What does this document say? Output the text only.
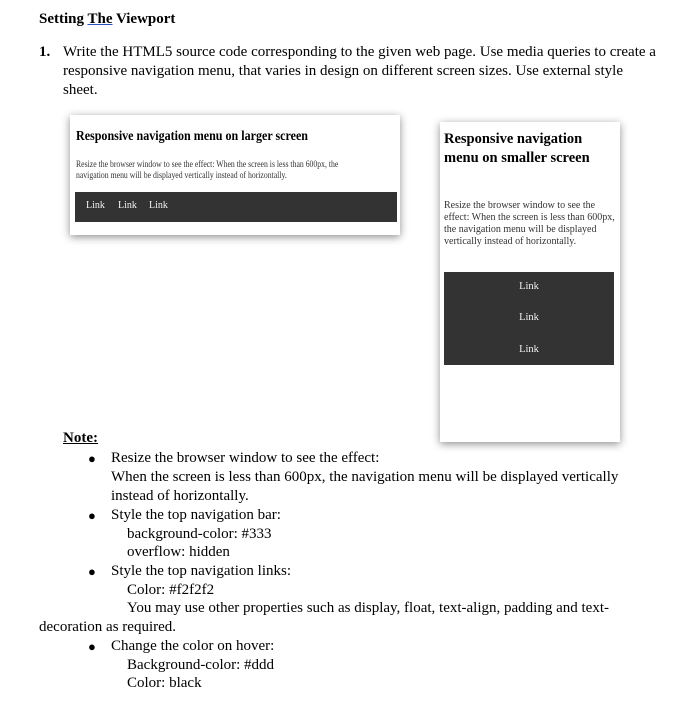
Setting The Viewport
1. Write the HTML5 source code corresponding to the given web page. Use media queries to create a responsive navigation menu, that varies in design on different screen sizes. Use external style sheet.
Responsive navigation menu on larger screen
Resize the browser window to see the effect: When the screen is less than 600px, the navigation menu will be displayed vertically instead of horizontally.
Link Link Link
Responsive navigation menu on smaller screen
Resize the browser window to see the effect: When the screen is less than 600px, the navigation menu will be displayed vertically instead of horizontally.
Link
Link
Link
Note:
● Resize the browser window to see the effect:
When the screen is less than 600px, the navigation menu will be displayed vertically
instead of horizontally.
● Style the top navigation bar:
background-color: #333
overflow: hidden
● Style the top navigation links:
Color: #f2f2f2
You may use other properties such as display, float, text-align, padding and text-
decoration as required.
● Change the color on hover:
Background-color: #ddd
Color: black
